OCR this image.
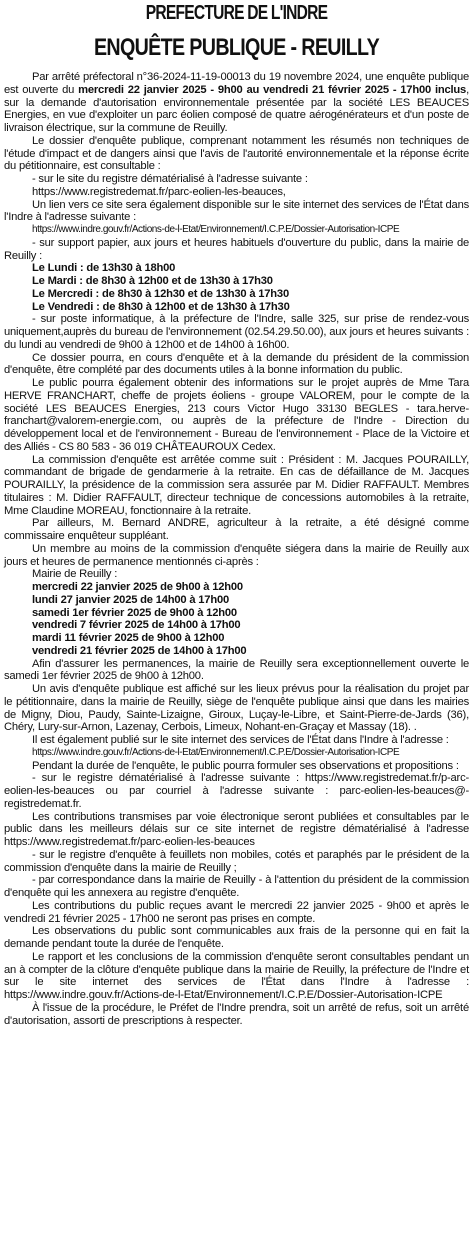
PREFECTURE DE L'INDRE
ENQUÊTE PUBLIQUE - REUILLY

Par arrêté préfectoral n°36-2024-11-19-00013 du 19 novembre 2024, une enquête publique est ouverte du mercredi 22 janvier 2025 - 9h00 au vendredi 21 février 2025 - 17h00 inclus, sur la demande d'autorisation environnementale présentée par la société LES BEAUCES Energies, en vue d'exploiter un parc éolien composé de quatre aérogénérateurs et d'un poste de livraison électrique, sur la commune de Reuilly.

Le dossier d'enquête publique, comprenant notamment les résumés non techniques de l'étude d'impact et de dangers ainsi que l'avis de l'autorité environnementale et la réponse écrite du pétitionnaire, est consultable :

- sur le site du registre dématérialisé à l'adresse suivante :

https://www.registredemat.fr/parc-eolien-les-beauces,

Un lien vers ce site sera également disponible sur le site internet des services de l'État dans l'Indre à l'adresse suivante :

https://www.indre.gouv.fr/Actions-de-l-Etat/Environnement/I.C.P.E/Dossier-Autorisation-ICPE

- sur support papier, aux jours et heures habituels d'ouverture du public, dans la mairie de Reuilly :

Le Lundi : de 13h30 à 18h00

Le Mardi : de 8h30 à 12h00 et de 13h30 à 17h30

Le Mercredi : de 8h30 à 12h30 et de 13h30 à 17h30

Le Vendredi : de 8h30 à 12h00 et de 13h30 à 17h30

- sur poste informatique, à la préfecture de l'Indre, salle 325, sur prise de rendez-vous uniquement,auprès du bureau de l'environnement (02.54.29.50.00), aux jours et heures suivants : du lundi au vendredi de 9h00 à 12h00 et de 14h00 à 16h00.

Ce dossier pourra, en cours d'enquête et à la demande du président de la commission d'enquête, être complété par des documents utiles à la bonne information du public.

Le public pourra également obtenir des informations sur le projet auprès de Mme Tara HERVE FRANCHART, cheffe de projets éoliens - groupe VALOREM, pour le compte de la société LES BEAUCES Energies, 213 cours Victor Hugo 33130 BEGLES - tara.herve-franchart@valorem-energie.com, ou auprès de la préfecture de l'Indre - Direction du développement local et de l'environnement - Bureau de l'environnement - Place de la Victoire et des Alliés - CS 80 583 - 36 019 CHÂTEAUROUX Cedex.

La commission d'enquête est arrêtée comme suit : Président : M. Jacques POURAILLY, commandant de brigade de gendarmerie à la retraite. En cas de défaillance de M. Jacques POURAILLY, la présidence de la commission sera assurée par M. Didier RAFFAULT. Membres titulaires : M. Didier RAFFAULT, directeur technique de concessions automobiles à la retraite, Mme Claudine MOREAU, fonctionnaire à la retraite.

Par ailleurs, M. Bernard ANDRE, agriculteur à la retraite, a été désigné comme commissaire enquêteur suppléant.

Un membre au moins de la commission d'enquête siégera dans la mairie de Reuilly aux jours et heures de permanence mentionnés ci-après :

Mairie de Reuilly :

mercredi 22 janvier 2025 de 9h00 à 12h00

lundi 27 janvier 2025 de 14h00 à 17h00

samedi 1er février 2025 de 9h00 à 12h00

vendredi 7 février 2025 de 14h00 à 17h00

mardi 11 février 2025 de 9h00 à 12h00

vendredi 21 février 2025 de 14h00 à 17h00

Afin d'assurer les permanences, la mairie de Reuilly sera exceptionnellement ouverte le samedi 1er février 2025 de 9h00 à 12h00.

Un avis d'enquête publique est affiché sur les lieux prévus pour la réalisation du projet par le pétitionnaire, dans la mairie de Reuilly, siège de l'enquête publique ainsi que dans les mairies de Migny, Diou, Paudy, Sainte-Lizaigne, Giroux, Luçay-le-Libre, et Saint-Pierre-de-Jards (36), Chéry, Lury-sur-Arnon, Lazenay, Cerbois, Limeux, Nohant-en-Graçay et Massay (18). .

Il est également publié sur le site internet des services de l'État dans l'Indre à l'adresse :

https://www.indre.gouv.fr/Actions-de-l-Etat/Environnement/I.C.P.E/Dossier-Autorisation-ICPE

Pendant la durée de l'enquête, le public pourra formuler ses observations et propositions :

- sur le registre dématérialisé à l'adresse suivante : https://www.registredemat.fr/p-arc-eolien-les-beauces ou par courriel à l'adresse suivante : parc-eolien-les-beauces@-registredemat.fr.

Les contributions transmises par voie électronique seront publiées et consultables par le public dans les meilleurs délais sur ce site internet de registre dématérialisé à l'adresse https://www.registredemat.fr/parc-eolien-les-beauces

- sur le registre d'enquête à feuillets non mobiles, cotés et paraphés par le président de la commission d'enquête dans la mairie de Reuilly ;

- par correspondance dans la mairie de Reuilly - à l'attention du président de la commission d'enquête qui les annexera au registre d'enquête.

Les contributions du public reçues avant le mercredi 22 janvier 2025 - 9h00 et après le vendredi 21 février 2025 - 17h00 ne seront pas prises en compte.

Les observations du public sont communicables aux frais de la personne qui en fait la demande pendant toute la durée de l'enquête.

Le rapport et les conclusions de la commission d'enquête seront consultables pendant un an à compter de la clôture d'enquête publique dans la mairie de Reuilly, la préfecture de l'Indre et sur le site internet des services de l'État dans l'Indre à l'adresse : https://www.indre.gouv.fr/Actions-de-l-Etat/Environnement/I.C.P.E/Dossier-Autorisation-ICPE

À l'issue de la procédure, le Préfet de l'Indre prendra, soit un arrêté de refus, soit un arrêté d'autorisation, assorti de prescriptions à respecter.
